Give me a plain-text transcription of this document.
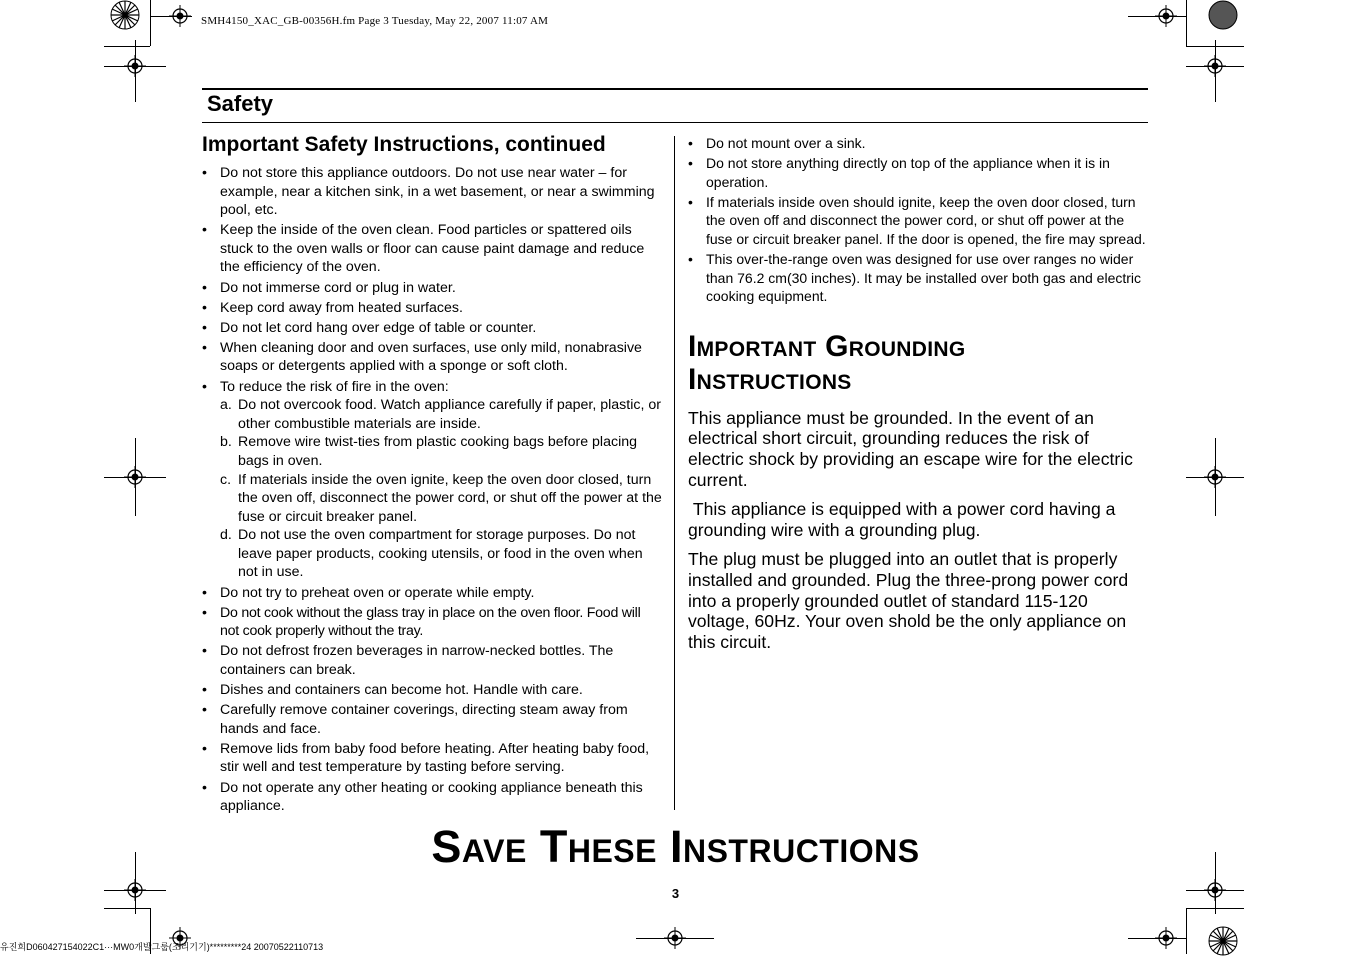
SMH4150_XAC_GB-00356H.fm Page 3 Tuesday, May 22, 2007 11:07 AM
Safety
Important Safety Instructions, continued
• Do not store this appliance outdoors. Do not use near water – for example, near a kitchen sink, in a wet basement, or near a swimming pool, etc.
• Keep the inside of the oven clean. Food particles or spattered oils stuck to the oven walls or floor can cause paint damage and reduce the efficiency of the oven.
• Do not immerse cord or plug in water.
• Keep cord away from heated surfaces.
• Do not let cord hang over edge of table or counter.
• When cleaning door and oven surfaces, use only mild, nonabrasive soaps or detergents applied with a sponge or soft cloth.
• To reduce the risk of fire in the oven:
a. Do not overcook food. Watch appliance carefully if paper, plastic, or other combustible materials are inside.
b. Remove wire twist-ties from plastic cooking bags before placing bags in oven.
c. If materials inside the oven ignite, keep the oven door closed, turn the oven off, disconnect the power cord, or shut off the power at the fuse or circuit breaker panel.
d. Do not use the oven compartment for storage purposes. Do not leave paper products, cooking utensils, or food in the oven when not in use.
• Do not try to preheat oven or operate while empty.
• Do not cook without the glass tray in place on the oven floor. Food will not cook properly without the tray.
• Do not defrost frozen beverages in narrow-necked bottles. The containers can break.
• Dishes and containers can become hot. Handle with care.
• Carefully remove container coverings, directing steam away from hands and face.
• Remove lids from baby food before heating. After heating baby food, stir well and test temperature by tasting before serving.
• Do not operate any other heating or cooking appliance beneath this appliance.
• Do not mount over a sink.
• Do not store anything directly on top of the appliance when it is in operation.
• If materials inside oven should ignite, keep the oven door closed, turn the oven off and disconnect the power cord, or shut off power at the fuse or circuit breaker panel. If the door is opened, the fire may spread.
• This over-the-range oven was designed for use over ranges no wider than 76.2 cm(30 inches). It may be installed over both gas and electric cooking equipment.
Important Grounding
Instructions

This appliance must be grounded. In the event of an electrical short circuit, grounding reduces the risk of electric shock by providing an escape wire for the electric current.

This appliance is equipped with a power cord having a grounding wire with a grounding plug.

The plug must be plugged into an outlet that is properly installed and grounded. Plug the three-prong power cord into a properly grounded outlet of standard 115-120 voltage, 60Hz. Your oven shold be the only appliance on this circuit.

Save These Instructions
3
유진희D060427154022C1···MW0개발그룹(조리기기)*********24 20070522110713
